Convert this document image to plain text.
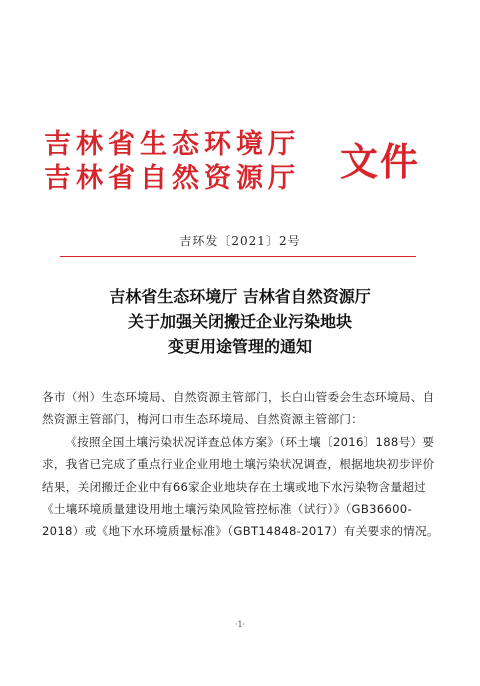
吉林省生态环境厅
吉林省自然资源厅	文件
吉环发〔2021〕2号
吉林省生态环境厅 吉林省自然资源厅
关于加强关闭搬迁企业污染地块
变更用途管理的通知

各市（州）生态环境局、自然资源主管部门，长白山管委会生态环境局、自然资源主管部门，梅河口市生态环境局、自然资源主管部门：

《按照全国土壤污染状况详查总体方案》（环土壤〔2016〕188号）要求，我省已完成了重点行业企业用地土壤污染状况调查，根据地块初步评价结果，关闭搬迁企业中有66家企业地块存在土壤或地下水污染物含量超过《土壤环境质量建设用地土壤污染风险管控标准（试行）》（GB36600-2018）或《地下水环境质量标准》（GBT14848-2017）有关要求的情况。

·1·
